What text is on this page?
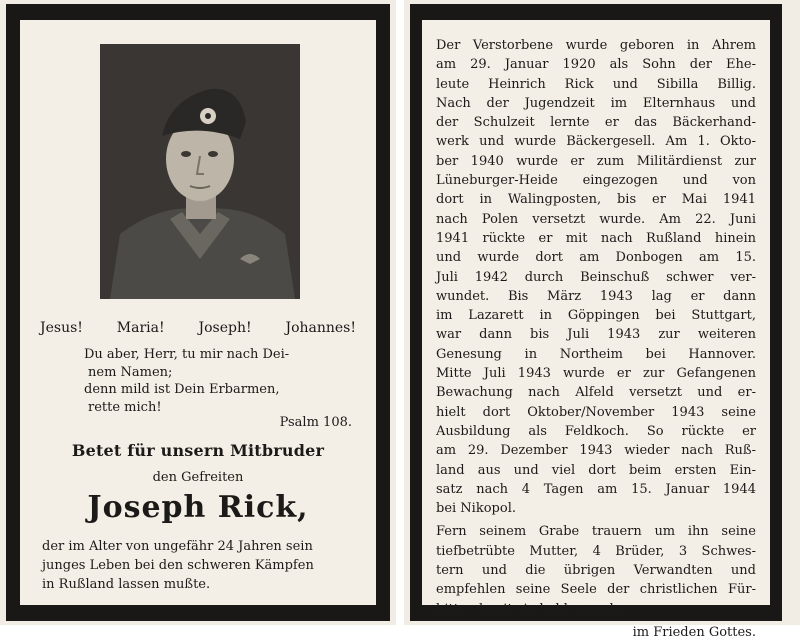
Jesus! Maria! Joseph! Johannes!
Du aber, Herr, tu mir nach Dei-
nem Namen;
denn mild ist Dein Erbarmen,
rette mich!
Psalm 108.
Betet für unsern Mitbruder
den Gefreiten
Joseph Rick,
der im Alter von ungefähr 24 Jahren sein
junges Leben bei den schweren Kämpfen
in Rußland lassen mußte.
Der Verstorbene wurde geboren in Ahrem
am 29. Januar 1920 als Sohn der Ehe-
leute Heinrich Rick und Sibilla Billig.
Nach der Jugendzeit im Elternhaus und
der Schulzeit lernte er das Bäckerhand-
werk und wurde Bäckergesell. Am 1. Okto-
ber 1940 wurde er zum Militärdienst zur
Lüneburger-Heide eingezogen und von
dort in Walingposten, bis er Mai 1941
nach Polen versetzt wurde. Am 22. Juni
1941 rückte er mit nach Rußland hinein
und wurde dort am Donbogen am 15.
Juli 1942 durch Beinschuß schwer ver-
wundet. Bis März 1943 lag er dann
im Lazarett in Göppingen bei Stuttgart,
war dann bis Juli 1943 zur weiteren
Genesung in Northeim bei Hannover.
Mitte Juli 1943 wurde er zur Gefangenen
Bewachung nach Alfeld versetzt und er-
hielt dort Oktober/November 1943 seine
Ausbildung als Feldkoch. So rückte er
am 29. Dezember 1943 wieder nach Ruß-
land aus und viel dort beim ersten Ein-
satz nach 4 Tagen am 15. Januar 1944
bei Nikopol.
Fern seinem Grabe trauern um ihn seine
tiefbetrübte Mutter, 4 Brüder, 3 Schwes-
tern und die übrigen Verwandten und
empfehlen seine Seele der christlichen Für-
bitte, damit sie bald ausruhe
im Frieden Gottes.
